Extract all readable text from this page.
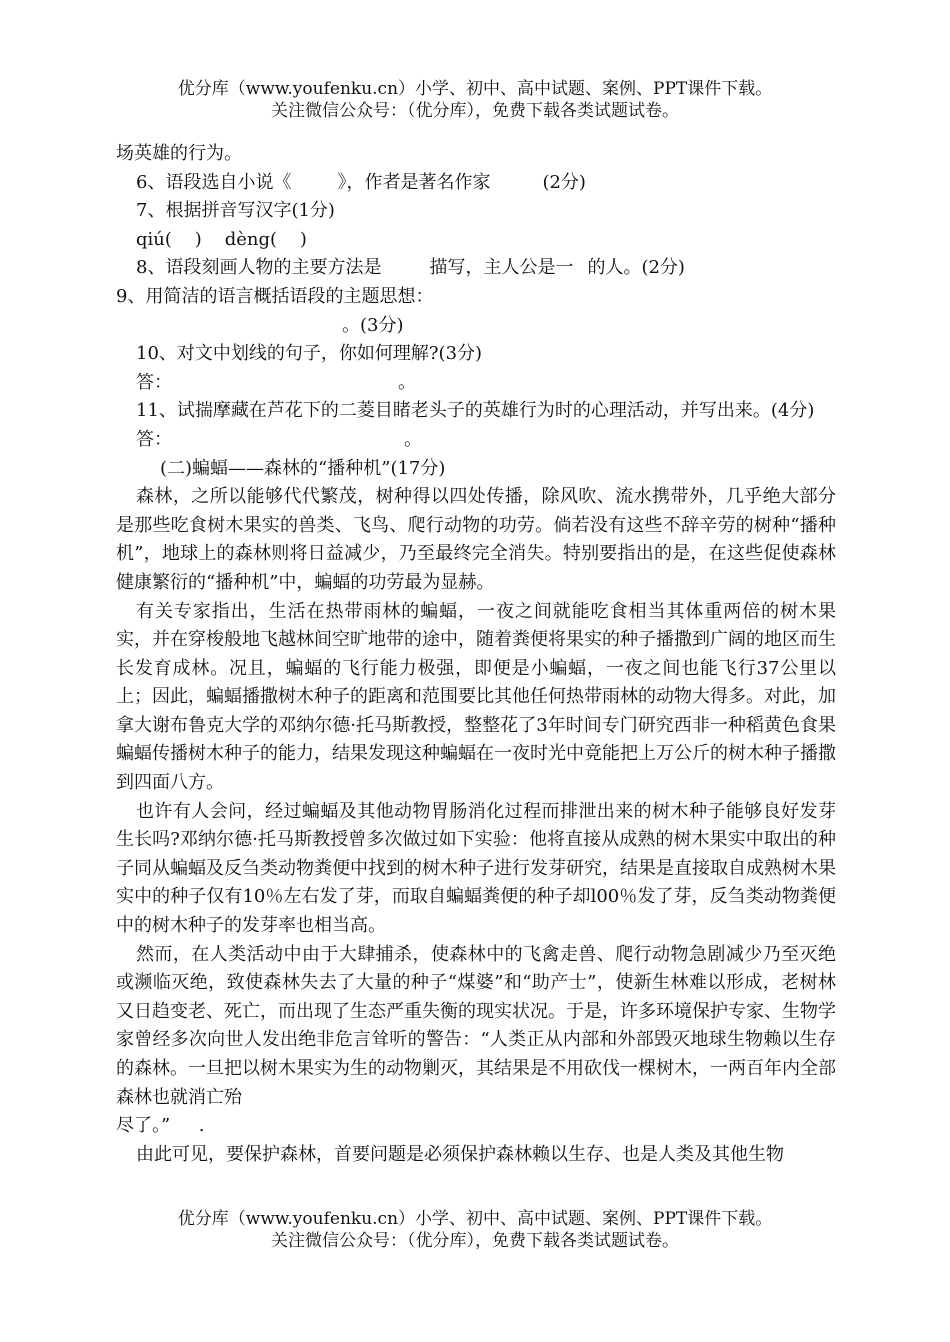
优分库（www.youfenku.cn）小学、初中、高中试题、案例、PPT课件下载。
关注微信公众号：（优分库），免费下载各类试题试卷。

场英雄的行为。

6、语段选自小说《	》，作者是著名作家	(2分)

7、根据拼音写汉字(1分)

qiú(    )    dèng(    )

8、语段刻画人物的主要方法是	描写，主人公是一 的人。(2分)

9、用简洁的语言概括语段的主题思想：

。(3分)

10、对文中划线的句子，你如何理解?(3分)

答：	。

11、试揣摩藏在芦花下的二菱目睹老头子的英雄行为时的心理活动，并写出来。(4分)

答：	。

(二)蝙蝠——森林的“播种机”(17分)

森林，之所以能够代代繁茂，树种得以四处传播，除风吹、流水携带外，几乎绝大部分是那些吃食树木果实的兽类、飞鸟、爬行动物的功劳。倘若没有这些不辞辛劳的树种“播种机”，地球上的森林则将日益减少，乃至最终完全消失。特别要指出的是，在这些促使森林健康繁衍的“播种机”中，蝙蝠的功劳最为显赫。

有关专家指出，生活在热带雨林的蝙蝠，一夜之间就能吃食相当其体重两倍的树木果实，并在穿梭般地飞越林间空旷地带的途中，随着粪便将果实的种子播撒到广阔的地区而生长发育成林。况且，蝙蝠的飞行能力极强，即便是小蝙蝠，一夜之间也能飞行37公里以上；因此，蝙蝠播撒树木种子的距离和范围要比其他任何热带雨林的动物大得多。对此，加拿大谢布鲁克大学的邓纳尔德·托马斯教授，整整花了3年时间专门研究西非一种稻黄色食果蝙蝠传播树木种子的能力，结果发现这种蝙蝠在一夜时光中竟能把上万公斤的树木种子播撒到四面八方。

也许有人会问，经过蝙蝠及其他动物胃肠消化过程而排泄出来的树木种子能够良好发芽生长吗?邓纳尔德·托马斯教授曾多次做过如下实验：他将直接从成熟的树木果实中取出的种子同从蝙蝠及反刍类动物粪便中找到的树木种子进行发芽研究，结果是直接取自成熟树木果实中的种子仅有10％左右发了芽，而取自蝙蝠粪便的种子却l00％发了芽，反刍类动物粪便中的树木种子的发芽率也相当高。

然而，在人类活动中由于大肆捕杀，使森林中的飞禽走兽、爬行动物急剧减少乃至灭绝或濒临灭绝，致使森林失去了大量的种子“煤婆”和“助产士”，使新生林难以形成，老树林又日趋变老、死亡，而出现了生态严重失衡的现实状况。于是，许多环境保护专家、生物学家曾经多次向世人发出绝非危言耸听的警告：“人类正从内部和外部毁灭地球生物赖以生存的森林。一旦把以树木果实为生的动物剿灭，其结果是不用砍伐一棵树木，一两百年内全部森林也就消亡殆

尽了。”     .

由此可见，要保护森林，首要问题是必须保护森林赖以生存、也是人类及其他生物

优分库（www.youfenku.cn）小学、初中、高中试题、案例、PPT课件下载。
关注微信公众号：（优分库），免费下载各类试题试卷。
